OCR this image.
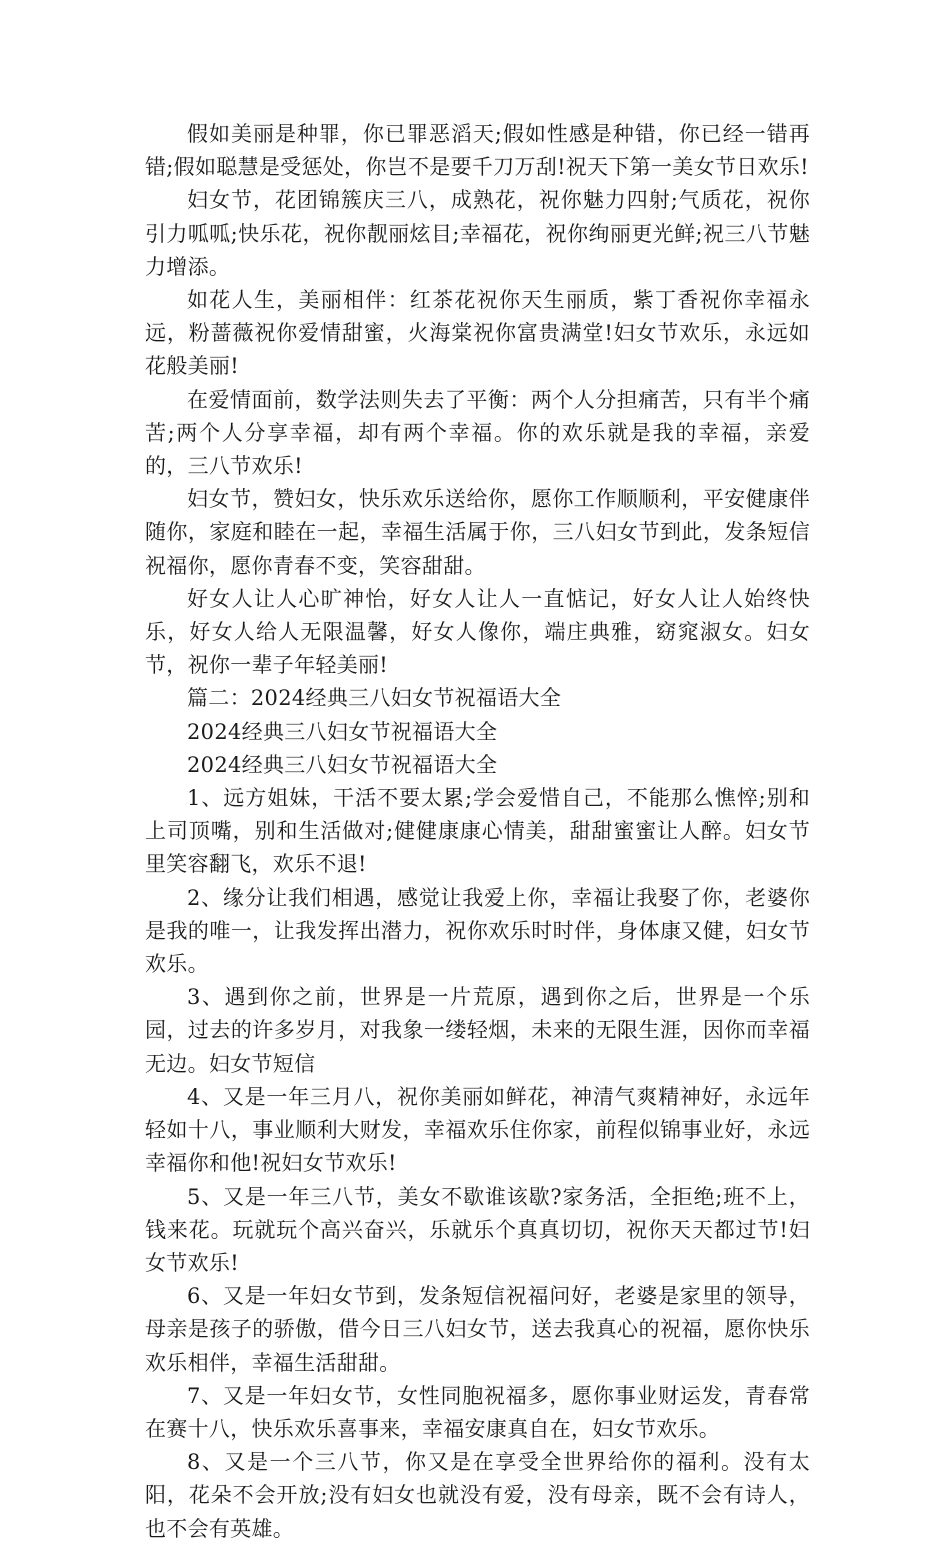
假如美丽是种罪，你已罪恶滔天;假如性感是种错，你已经一错再错;假如聪慧是受惩处，你岂不是要千刀万刮!祝天下第一美女节日欢乐!

妇女节，花团锦簇庆三八，成熟花，祝你魅力四射;气质花，祝你引力呱呱;快乐花，祝你靓丽炫目;幸福花，祝你绚丽更光鲜;祝三八节魅力增添。

如花人生，美丽相伴：红茶花祝你天生丽质，紫丁香祝你幸福永远，粉蔷薇祝你爱情甜蜜，火海棠祝你富贵满堂!妇女节欢乐，永远如花般美丽!

在爱情面前，数学法则失去了平衡：两个人分担痛苦，只有半个痛苦;两个人分享幸福，却有两个幸福。你的欢乐就是我的幸福，亲爱的，三八节欢乐!

妇女节，赞妇女，快乐欢乐送给你，愿你工作顺顺利，平安健康伴随你，家庭和睦在一起，幸福生活属于你，三八妇女节到此，发条短信祝福你，愿你青春不变，笑容甜甜。

好女人让人心旷神怡，好女人让人一直惦记，好女人让人始终快乐，好女人给人无限温馨，好女人像你，端庄典雅，窈窕淑女。妇女节，祝你一辈子年轻美丽!

篇二：2024经典三八妇女节祝福语大全

2024经典三八妇女节祝福语大全

2024经典三八妇女节祝福语大全

1、远方姐妹，干活不要太累;学会爱惜自己，不能那么憔悴;别和上司顶嘴，别和生活做对;健健康康心情美，甜甜蜜蜜让人醉。妇女节里笑容翻飞，欢乐不退!

2、缘分让我们相遇，感觉让我爱上你，幸福让我娶了你，老婆你是我的唯一，让我发挥出潜力，祝你欢乐时时伴，身体康又健，妇女节欢乐。

3、遇到你之前，世界是一片荒原，遇到你之后，世界是一个乐园，过去的许多岁月，对我象一缕轻烟，未来的无限生涯，因你而幸福无边。妇女节短信

4、又是一年三月八，祝你美丽如鲜花，神清气爽精神好，永远年轻如十八，事业顺利大财发，幸福欢乐住你家，前程似锦事业好，永远幸福你和他!祝妇女节欢乐!

5、又是一年三八节，美女不歇谁该歇?家务活，全拒绝;班不上，钱来花。玩就玩个高兴奋兴，乐就乐个真真切切，祝你天天都过节!妇女节欢乐!

6、又是一年妇女节到，发条短信祝福问好，老婆是家里的领导，母亲是孩子的骄傲，借今日三八妇女节，送去我真心的祝福，愿你快乐欢乐相伴，幸福生活甜甜。

7、又是一年妇女节，女性同胞祝福多，愿你事业财运发，青春常在赛十八，快乐欢乐喜事来，幸福安康真自在，妇女节欢乐。

8、又是一个三八节，你又是在享受全世界给你的福利。没有太阳，花朵不会开放;没有妇女也就没有爱，没有母亲，既不会有诗人，也不会有英雄。
